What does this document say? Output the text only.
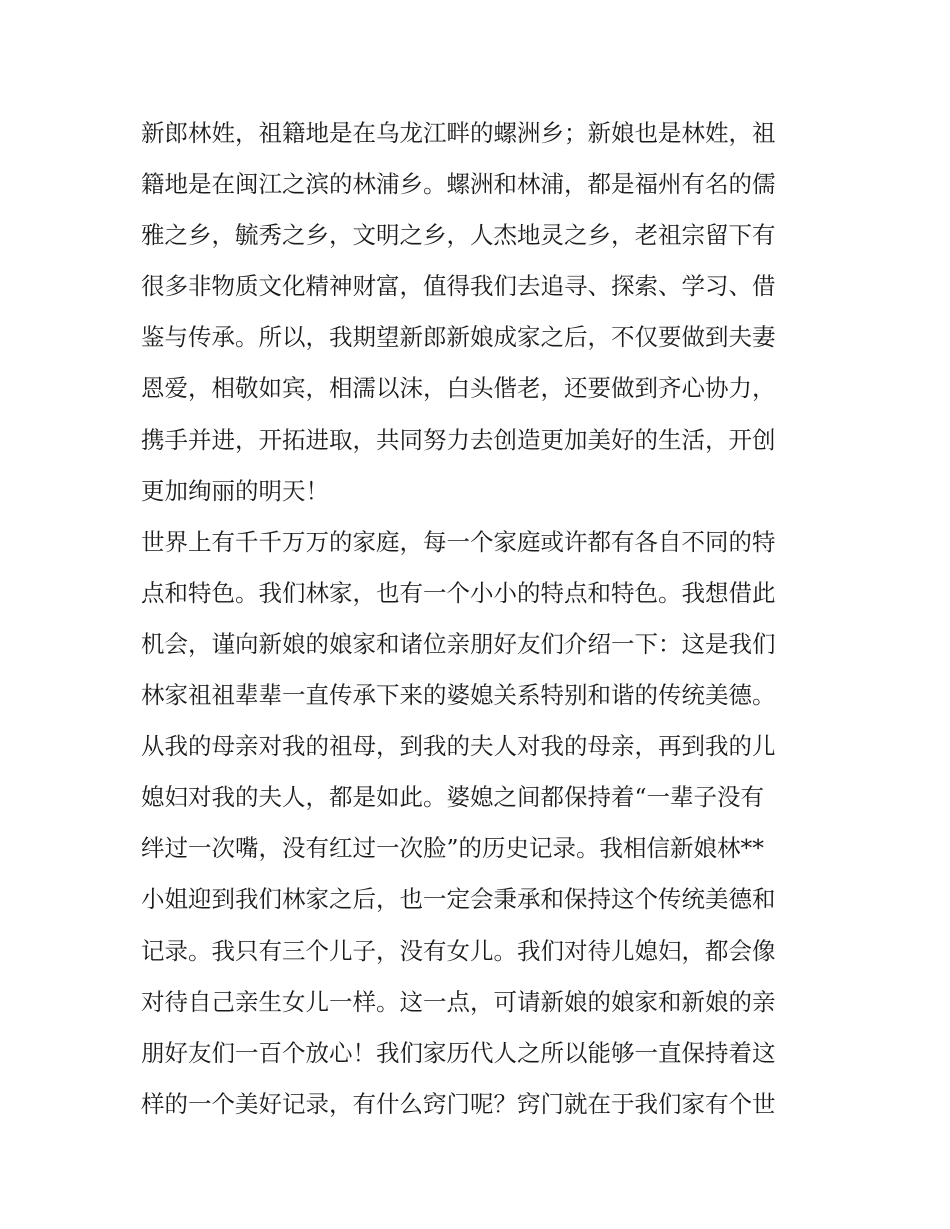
新郎林姓，祖籍地是在乌龙江畔的螺洲乡；新娘也是林姓，祖
籍地是在闽江之滨的林浦乡。螺洲和林浦，都是福州有名的儒
雅之乡，毓秀之乡，文明之乡，人杰地灵之乡，老祖宗留下有
很多非物质文化精神财富，值得我们去追寻、探索、学习、借
鉴与传承。所以，我期望新郎新娘成家之后，不仅要做到夫妻
恩爱，相敬如宾，相濡以沫，白头偕老，还要做到齐心协力，
携手并进，开拓进取，共同努力去创造更加美好的生活，开创
更加绚丽的明天！
世界上有千千万万的家庭，每一个家庭或许都有各自不同的特
点和特色。我们林家，也有一个小小的特点和特色。我想借此
机会，谨向新娘的娘家和诸位亲朋好友们介绍一下：这是我们
林家祖祖辈辈一直传承下来的婆媳关系特别和谐的传统美德。
从我的母亲对我的祖母，到我的夫人对我的母亲，再到我的儿
媳妇对我的夫人，都是如此。婆媳之间都保持着“一辈子没有
绊过一次嘴，没有红过一次脸”的历史记录。我相信新娘林**
小姐迎到我们林家之后，也一定会秉承和保持这个传统美德和
记录。我只有三个儿子，没有女儿。我们对待儿媳妇，都会像
对待自己亲生女儿一样。这一点，可请新娘的娘家和新娘的亲
朋好友们一百个放心！我们家历代人之所以能够一直保持着这
样的一个美好记录，有什么窍门呢？窍门就在于我们家有个世
